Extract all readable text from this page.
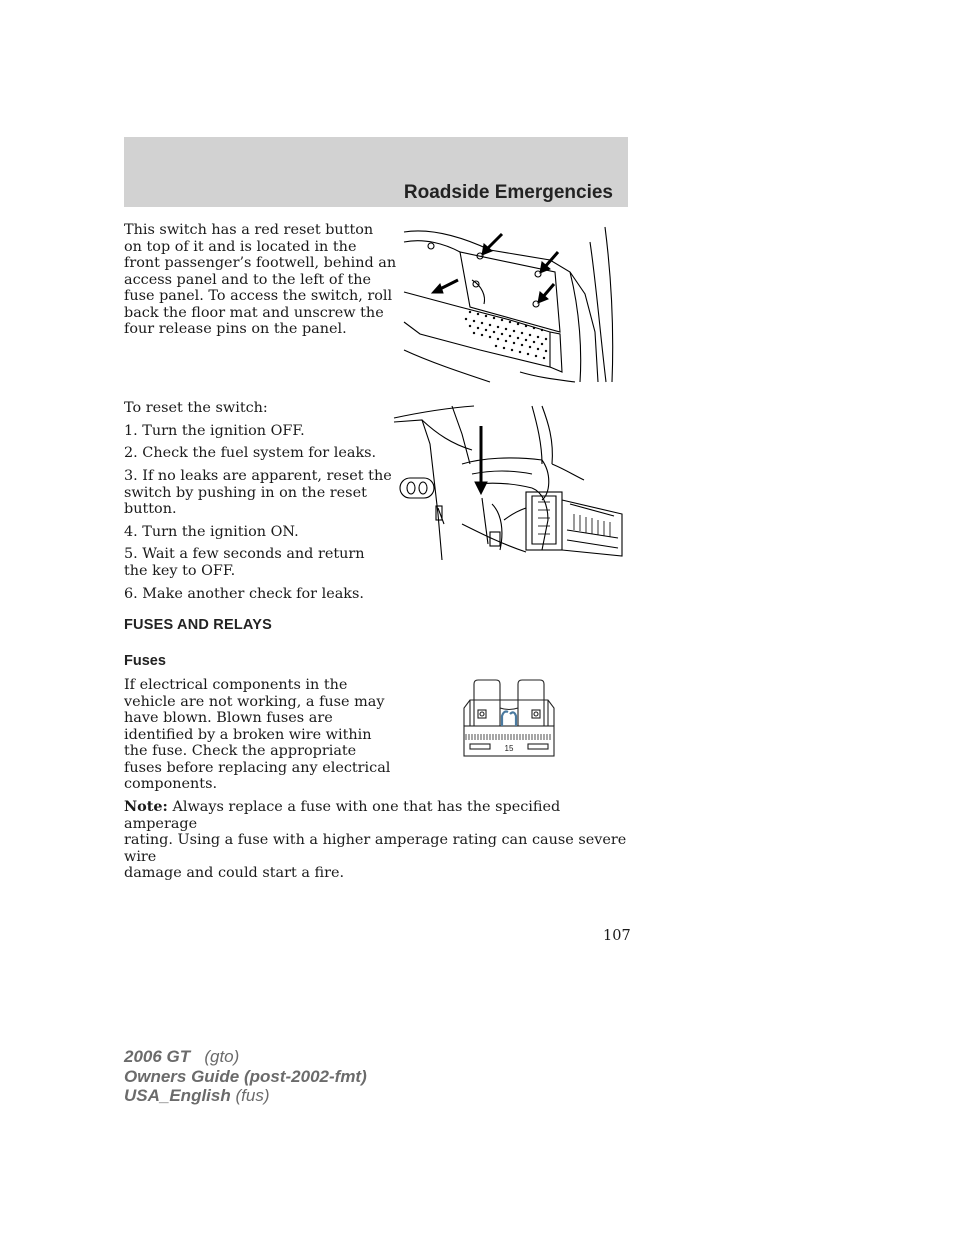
Roadside Emergencies
This switch has a red reset button
on top of it and is located in the
front passenger’s footwell, behind an
access panel and to the left of the
fuse panel. To access the switch, roll
back the floor mat and unscrew the
four release pins on the panel.
To reset the switch:
1. Turn the ignition OFF.
2. Check the fuel system for leaks.
3. If no leaks are apparent, reset the
switch by pushing in on the reset
button.
4. Turn the ignition ON.
5. Wait a few seconds and return
the key to OFF.
6. Make another check for leaks.
FUSES AND RELAYS
Fuses
If electrical components in the
vehicle are not working, a fuse may
have blown. Blown fuses are
identified by a broken wire within
the fuse. Check the appropriate
fuses before replacing any electrical
components.
15
Note: Always replace a fuse with one that has the specified amperage
rating. Using a fuse with a higher amperage rating can cause severe wire
damage and could start a fire.
107
2006 GT (gto)
Owners Guide (post-2002-fmt)
USA_English (fus)
